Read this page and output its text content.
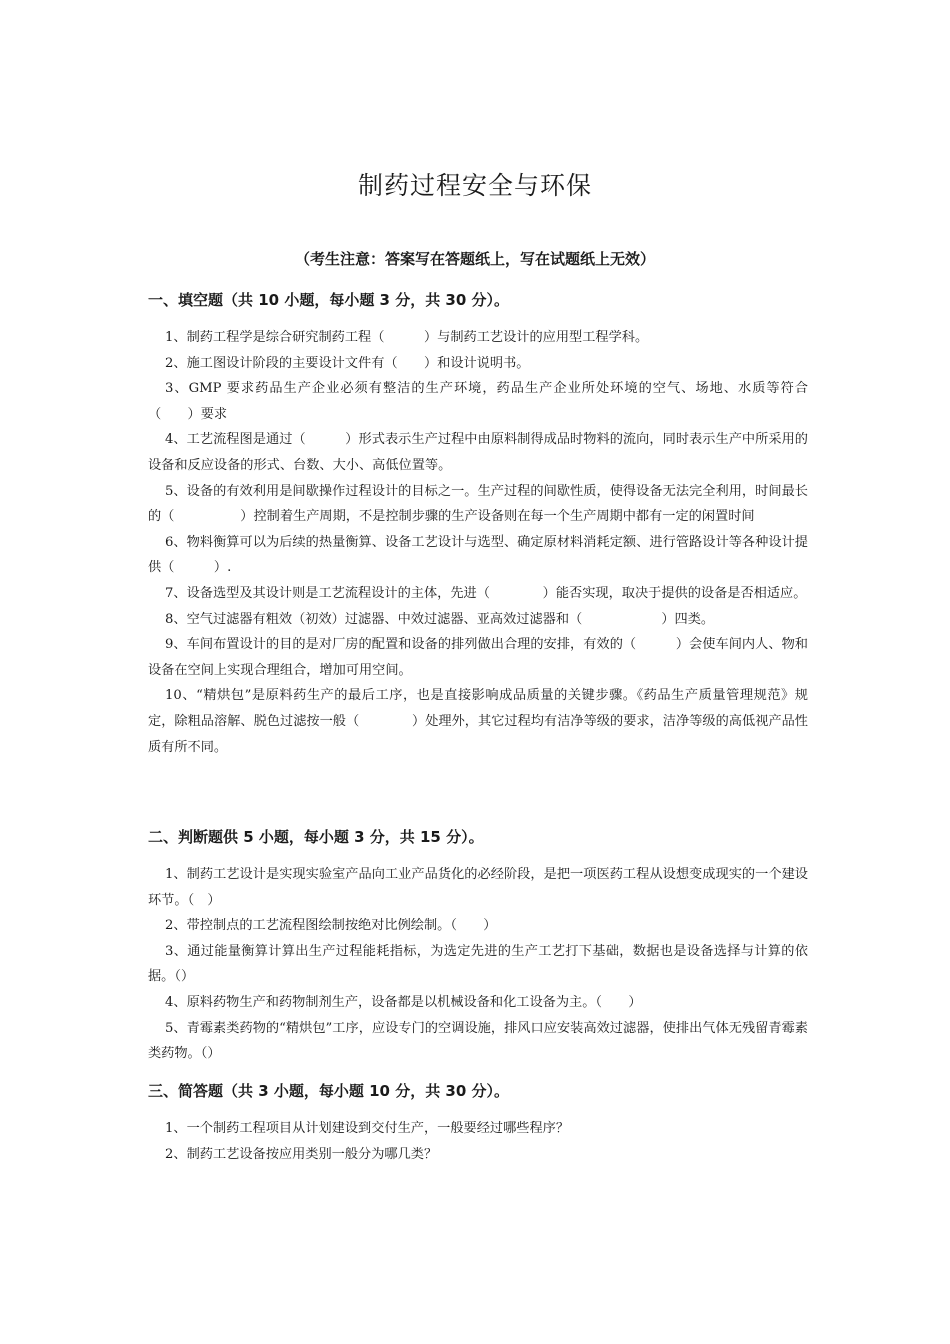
制药过程安全与环保
（考生注意：答案写在答题纸上，写在试题纸上无效）
一、填空题（共 10 小题，每小题 3 分，共 30 分）。
1、制药工程学是综合研究制药工程（　　　）与制药工艺设计的应用型工程学科。
2、施工图设计阶段的主要设计文件有（　　）和设计说明书。
3、GMP 要求药品生产企业必须有整洁的生产环境，药品生产企业所处环境的空气、场地、水质等符合（　　）要求
4、工艺流程图是通过（　　　）形式表示生产过程中由原料制得成品时物料的流向，同时表示生产中所采用的设备和反应设备的形式、台数、大小、高低位置等。
5、设备的有效利用是间歇操作过程设计的目标之一。生产过程的间歇性质，使得设备无法完全利用，时间最长的（　　　　　）控制着生产周期，不是控制步骤的生产设备则在每一个生产周期中都有一定的闲置时间
6、物料衡算可以为后续的热量衡算、设备工艺设计与选型、确定原材料消耗定额、进行管路设计等各种设计提供（　　　）.
7、设备选型及其设计则是工艺流程设计的主体，先进（　　　　）能否实现，取决于提供的设备是否相适应。
8、空气过滤器有粗效（初效）过滤器、中效过滤器、亚高效过滤器和（　　　　　　）四类。
9、车间布置设计的目的是对厂房的配置和设备的排列做出合理的安排，有效的（　　　）会使车间内人、物和设备在空间上实现合理组合，增加可用空间。
10、“精烘包”是原料药生产的最后工序，也是直接影响成品质量的关键步骤。《药品生产质量管理规范》规定，除粗品溶解、脱色过滤按一般（　　　　）处理外，其它过程均有洁净等级的要求，洁净等级的高低视产品性质有所不同。
二、判断题供 5 小题，每小题 3 分，共 15 分）。
1、制药工艺设计是实现实验室产品向工业产品货化的必经阶段，是把一项医药工程从设想变成现实的一个建设环节。（　）
2、带控制点的工艺流程图绘制按绝对比例绘制。（　　）
3、通过能量衡算计算出生产过程能耗指标，为选定先进的生产工艺打下基础，数据也是设备选择与计算的依据。（）
4、原料药物生产和药物制剂生产，设备都是以机械设备和化工设备为主。（　　）
5、青霉素类药物的“精烘包”工序，应设专门的空调设施，排风口应安装高效过滤器，使排出气体无残留青霉素类药物。（）
三、简答题（共 3 小题，每小题 10 分，共 30 分）。
1、一个制药工程项目从计划建设到交付生产，一般要经过哪些程序？
2、制药工艺设备按应用类别一般分为哪几类？
